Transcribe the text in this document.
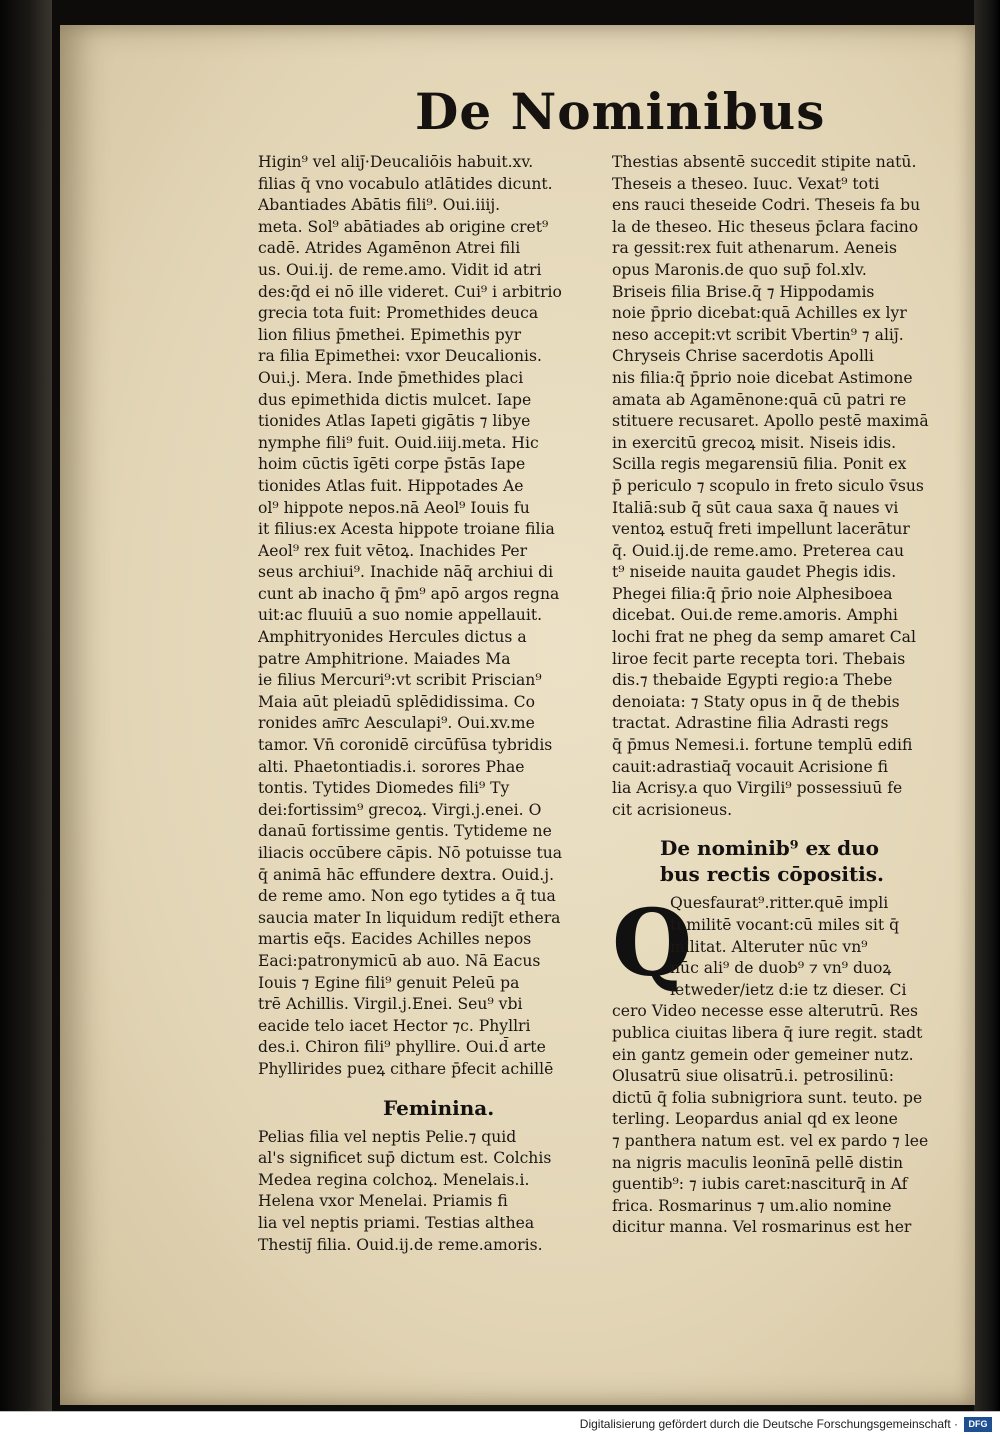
De Nominibus
Higin⁹ vel aliȷ̄·Deucaliōis habuit.xv.
filias q̄ vno vocabulo atlātides dicunt.
Abantiades Abātis fili⁹. Oui.iiij.
meta. Sol⁹ abātiades ab origine cret⁹
cadē. Atrides Agamēnon Atrei fili
us. Oui.ij. de reme.amo. Vidit id atri
des:q̄d ei nō ille videret. Cui⁹ i arbitrio
grecia tota fuit: Promethides deuca
lion filius p̄methei. Epimethis pyr
ra filia Epimethei: vxor Deucalionis.
Oui.j. Mera. Inde p̄methides placi
dus epimethida dictis mulcet. Iape
tionides Atlas Iapeti gigātis ⁊ libye
nymphe fili⁹ fuit. Ouid.iiij.meta. Hic
hoim cūctis īgēti corpe p̄stās Iape
tionides Atlas fuit. Hippotades Ae
ol⁹ hippote nepos.nā Aeol⁹ Iouis fu
it filius:ex Acesta hippote troiane filia
Aeol⁹ rex fuit vētoꝝ. Inachides Per
seus archiui⁹. Inachide nāq̄ archiui di
cunt ab inacho q̄ p̄m⁹ apō argos regna
uit:ac fluuiū a suo nomie appellauit.
Amphitryonides Hercules dictus a
patre Amphitrione. Maiades Ma
ie filius Mercuri⁹:vt scribit Priscian⁹
Maia aūt pleiadū splēdidissima. Co
ronides am͞rc Aesculapi⁹. Oui.xv.me
tamor. Vn̄ coronidē circūfūsa tybridis
alti. Phaetontiadis.i. sorores Phae
tontis. Tytides Diomedes fili⁹ Ty
dei:fortissim⁹ grecoꝝ. Virgi.j.enei. O
danaū fortissime gentis. Tytideme ne
iliacis occūbere cāpis. Nō potuisse tua
q̄ animā hāc effundere dextra. Ouid.j.
de reme amo. Non ego tytides a q̄ tua
saucia mater In liquidum rediȷ̄t ethera
martis eq̄s. Eacides Achilles nepos
Eaci:patronymicū ab auo. Nā Eacus
Iouis ⁊ Egine fili⁹ genuit Peleū pa
trē Achillis. Virgil.j.Enei. Seu⁹ vbi
eacide telo iacet Hector ⁊c. Phyllri
des.i. Chiron fili⁹ phyllire. Oui.d̄ arte
Phyllirides pueꝝ cithare p̄fecit achillē
Feminina.
Pelias filia vel neptis Pelie.⁊ quid
al's significet sup̄ dictum est. Colchis
Medea regina colchoꝝ. Menelais.i.
Helena vxor Menelai. Priamis fi
lia vel neptis priami. Testias althea
Thestiȷ̄ filia. Ouid.ij.de reme.amoris.
Thestias absentē succedit stipite natū.
Theseis a theseo. Iuuc. Vexat⁹ toti
ens rauci theseide Codri. Theseis fa bu
la de theseo. Hic theseus p̄clara facino
ra gessit:rex fuit athenarum. Aeneis
opus Maronis.de quo sup̄ fol.xlv.
Briseis filia Brise.q̄ ⁊ Hippodamis
noie p̄prio dicebat:quā Achilles ex lyr
neso accepit:vt scribit Vbertin⁹ ⁊ aliȷ̄.
Chryseis Chrise sacerdotis Apolli
nis filia:q̄ p̄prio noie dicebat Astimone
amata ab Agamēnone:quā cū patri re
stituere recusaret. Apollo pestē maximā
in exercitū grecoꝝ misit. Niseis idis.
Scilla regis megarensiū filia. Ponit ex
p̄ periculo ⁊ scopulo in freto siculo v̄sus
Italiā:sub q̄ sūt caua saxa q̄ naues vi
ventoꝝ estuq̄ freti impellunt lacerātur
q̄. Ouid.ij.de reme.amo. Preterea cau
t⁹ niseide nauita gaudet Phegis idis.
Phegei filia:q̄ p̄rio noie Alphesiboea
dicebat. Oui.de reme.amoris. Amphi
lochi frat ne pheg da semp amaret Cal
liroe fecit parte recepta tori. Thebais
dis.⁊ thebaide Egypti regio:a Thebe
denoiata: ⁊ Staty opus in q̄ de thebis
tractat. Adrastine filia Adrasti regs
q̄ p̄mus Nemesi.i. fortune templū edifi
cauit:adrastiaq̄ vocauit Acrisione fi
lia Acrisy.a quo Virgili⁹ possessiuū fe
cit acrisioneus.
De nominib⁹ ex duo
bus rectis cōpositis.
Q
Quesfaurat⁹.ritter.quē impli
ti militē vocant:cū miles sit q̄
militat. Alteruter nūc vn⁹
nūc ali⁹ de duob⁹ ⁊ vn⁹ duoꝝ
ietweder/ietz d:ie tz dieser. Ci
cero Video necesse esse alterutrū. Res
publica ciuitas libera q̄ iure regit. stadt
ein gantz gemein oder gemeiner nutz.
Olusatrū siue olisatrū.i. petrosilinū:
dictū q̄ folia subnigriora sunt. teuto. pe
terling. Leopardus anial qd ex leone
⁊ panthera natum est. vel ex pardo ⁊ lee
na nigris maculis leonīnā pellē distin
guentib⁹: ⁊ iubis caret:nasciturq̄ in Af
frica. Rosmarinus ⁊ um.alio nomine
dicitur manna. Vel rosmarinus est her
Digitalisierung gefördert durch die Deutsche Forschungsgemeinschaft ·	DFG
